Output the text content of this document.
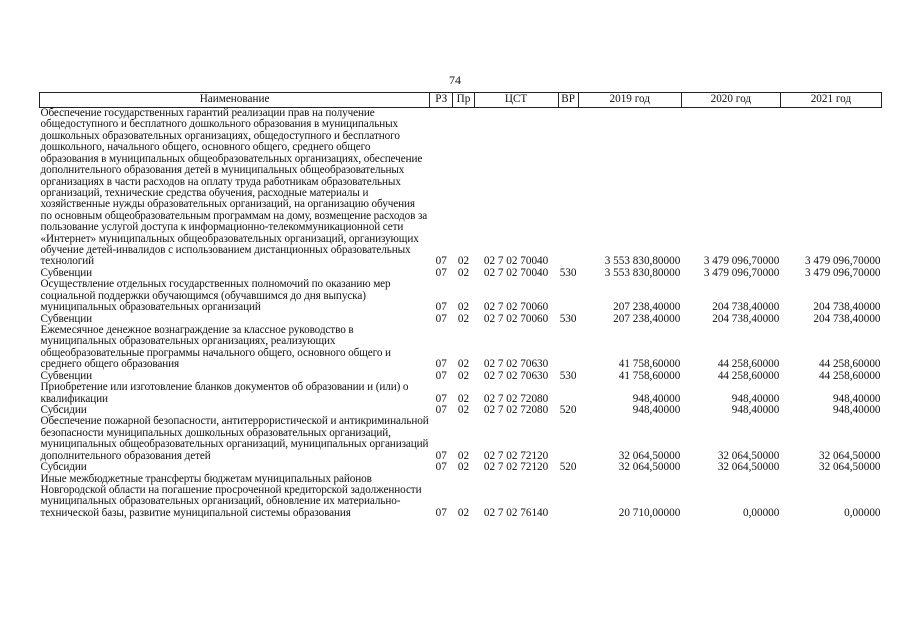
74
Наименование	РЗ	Пр	ЦСТ	ВР	2019 год	2020 год	2021 год
Обеспечение государственных гарантий реализации прав на получение общедоступного и бесплатного дошкольного образования в муниципальных дошкольных образовательных организациях, общедоступного и бесплатного дошкольного, начального общего, основного общего, среднего общего образования в муниципальных общеобразовательных организациях, обеспечение дополнительного образования детей в муниципальных общеобразовательных организациях в части расходов на оплату труда работникам образовательных организаций, технические средства обучения, расходные материалы и хозяйственные нужды образовательных организаций, на организацию обучения по основным общеобразовательным программам на дому, возмещение расходов за пользование услугой доступа к информационно-телекоммуникационной сети «Интернет» муниципальных общеобразовательных организаций, организующих обучение детей-инвалидов с использованием дистанционных образовательных технологий	07	02	02 7 02 70040		3 553 830,80000	3 479 096,70000	3 479 096,70000
Субвенции	07	02	02 7 02 70040	530	3 553 830,80000	3 479 096,70000	3 479 096,70000
Осуществление отдельных государственных полномочий по оказанию мер социальной поддержки обучающимся (обучавшимся до дня выпуска) муниципальных образовательных организаций	07	02	02 7 02 70060		207 238,40000	204 738,40000	204 738,40000
Субвенции	07	02	02 7 02 70060	530	207 238,40000	204 738,40000	204 738,40000
Ежемесячное денежное вознаграждение за классное руководство в муниципальных образовательных организациях, реализующих общеобразовательные программы начального общего, основного общего и среднего общего образования	07	02	02 7 02 70630		41 758,60000	44 258,60000	44 258,60000
Субвенции	07	02	02 7 02 70630	530	41 758,60000	44 258,60000	44 258,60000
Приобретение или изготовление бланков документов об образовании и (или) о квалификации	07	02	02 7 02 72080		948,40000	948,40000	948,40000
Субсидии	07	02	02 7 02 72080	520	948,40000	948,40000	948,40000
Обеспечение пожарной безопасности, антитеррористической и антикриминальной безопасности муниципальных дошкольных образовательных организаций, муниципальных общеобразовательных организаций, муниципальных организаций дополнительного образования детей	07	02	02 7 02 72120		32 064,50000	32 064,50000	32 064,50000
Субсидии	07	02	02 7 02 72120	520	32 064,50000	32 064,50000	32 064,50000
Иные межбюджетные трансферты бюджетам муниципальных районов Новгородской области на погашение просроченной кредиторской задолженности муниципальных образовательных организаций, обновление их материально-технической базы, развитие муниципальной системы образования	07	02	02 7 02 76140		20 710,00000	0,00000	0,00000
